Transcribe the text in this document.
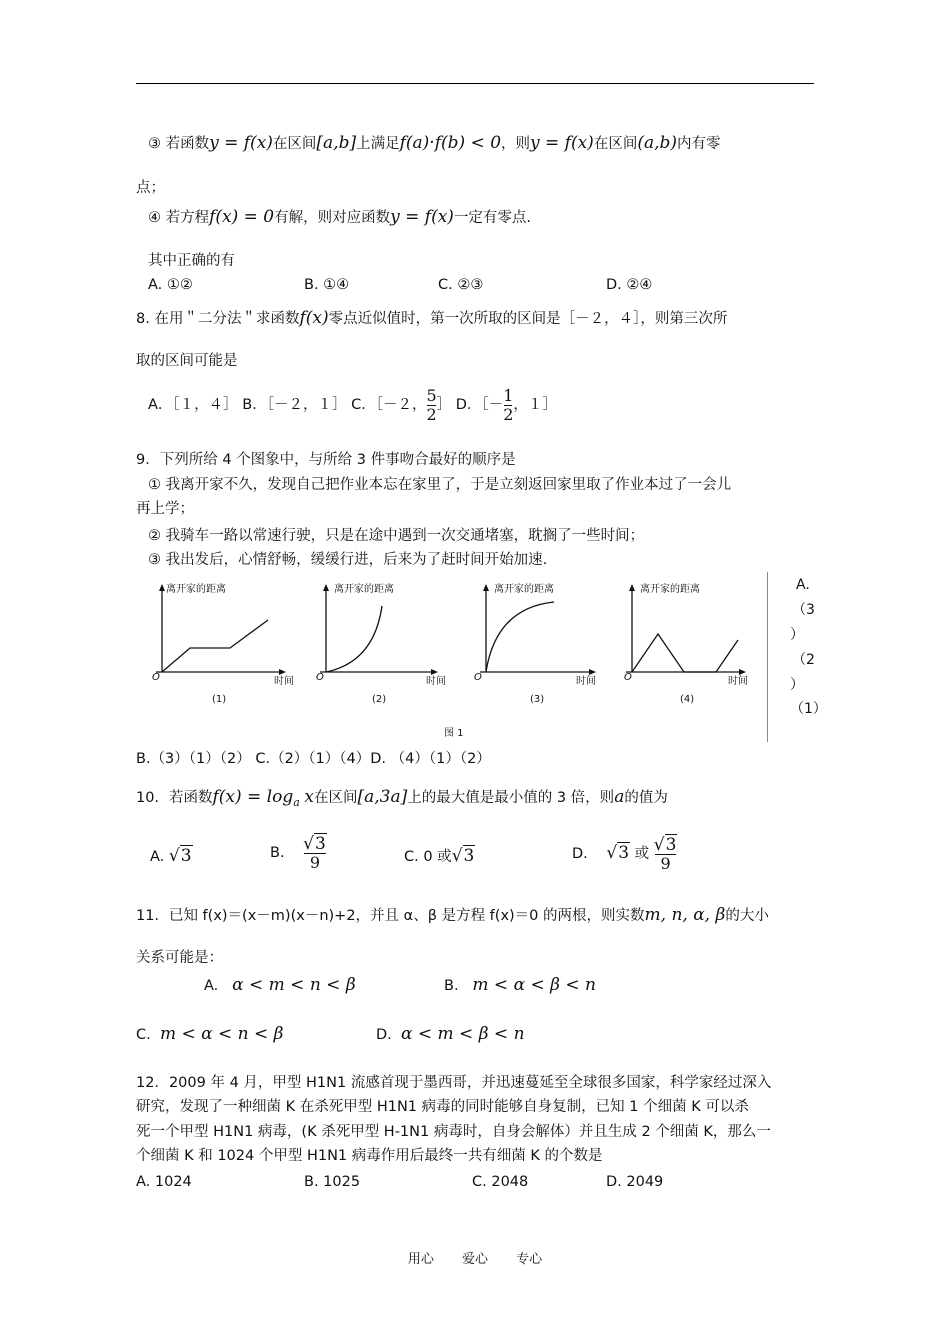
③ 若函数y = f(x)在区间[a,b]上满足f(a)·f(b) < 0，则y = f(x)在区间(a,b)内有零
点；
④ 若方程f(x) = 0有解，则对应函数y = f(x)一定有零点.
其中正确的有
A. ①②	B. ①④	C. ②③	D. ②④
8. 在用＂二分法＂求函数f(x)零点近似值时，第一次所取的区间是［－２，４］，则第三次所
取的区间可能是
A．［１，４］ B．［－２，１］ C．［－２， $\frac{5}{2}$ ］ D．［－ $\frac{1}{2}$ ，１］
9．下列所给 4 个图象中，与所给 3 件事吻合最好的顺序是
① 我离开家不久，发现自己把作业本忘在家里了，于是立刻返回家里取了作业本过了一会儿
再上学；
② 我骑车一路以常速行驶，只是在途中遇到一次交通堵塞，耽搁了一些时间；
③ 我出发后，心情舒畅，缓缓行进，后来为了赶时间开始加速.
离开家的距离
时间
O
(1)
离开家的距离
时间
O
(2)
离开家的距离
时间
O
(3)
离开家的距离
时间
O
(4)
图 1
A.
（3
）
（2
）
（1）
B.（3）（1）（2） C.（2）（1）（4）D. （4）（1）（2）
10．若函数$f(x) = \log_a x$在区间[a,3a]上的最大值是最小值的 3 倍，则a的值为
A. √3	B. $\frac{√3}{9}$	C. 0 或√3	D. √3 或 $\frac{√3}{9}$
11．已知 f(x)＝(x－m)(x－n)+2，并且 α、β 是方程 f(x)＝0 的两根，则实数m, n, α, β的大小
关系可能是：
A. α < m < n < β	B. m < α < β < n
C. m < α < n < β	D. α < m < β < n
12．2009 年 4 月，甲型 H1N1 流感首现于墨西哥，并迅速蔓延至全球很多国家，科学家经过深入
研究，发现了一种细菌 K 在杀死甲型 H1N1 病毒的同时能够自身复制，已知 1 个细菌 K 可以杀
死一个甲型 H1N1 病毒，(K 杀死甲型 H-1N1 病毒时，自身会解体）并且生成 2 个细菌 K，那么一
个细菌 K 和 1024 个甲型 H1N1 病毒作用后最终一共有细菌 K 的个数是
A. 1024	B. 1025	C. 2048	D. 2049
用心 爱心 专心
